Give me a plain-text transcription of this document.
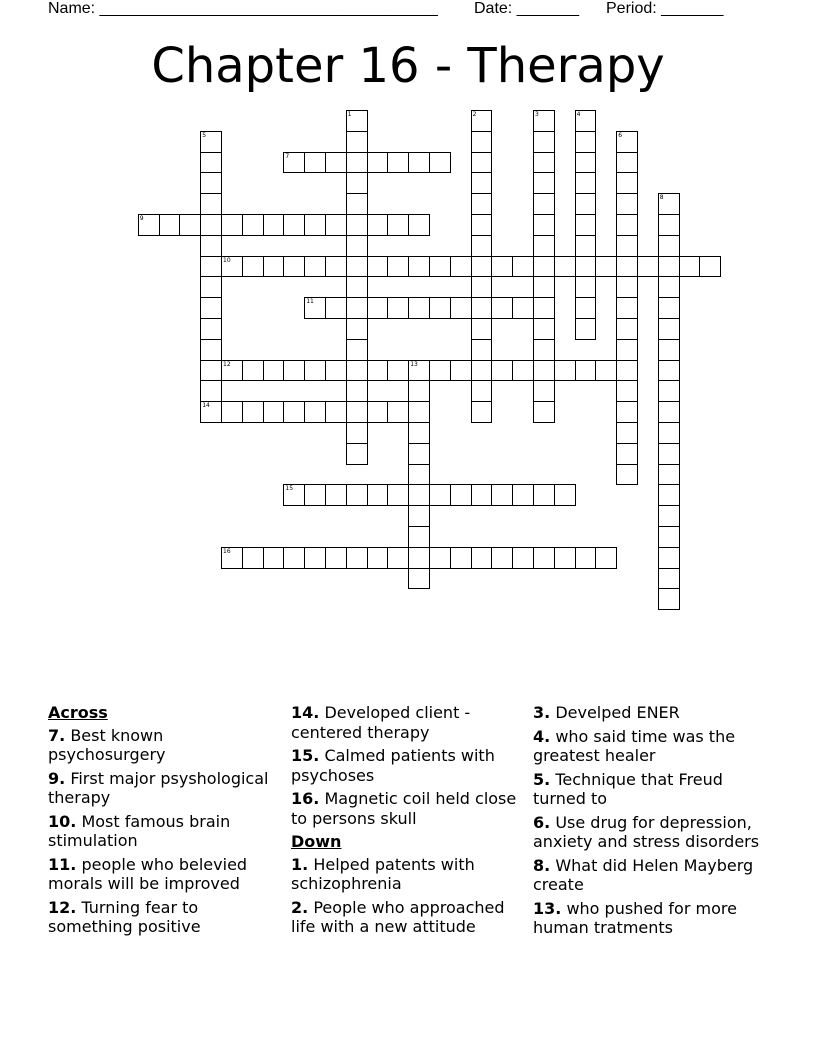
Name: ______________________________________ Date: _______ Period: _______
Chapter 16 - Therapy
1	2	3	4
5
14
6
7
8
9
10
11
12	13
15
16
Across
7. Best known psychosurgery
9. First major psyshological therapy
10. Most famous brain stimulation
11. people who belevied morals will be improved
12. Turning fear to something positive
14. Developed client - centered therapy
15. Calmed patients with psychoses
16. Magnetic coil held close to persons skull
Down
1. Helped patents with schizophrenia
2. People who approached life with a new attitude
3. Develped ENER
4. who said time was the greatest healer
5. Technique that Freud turned to
6. Use drug for depression, anxiety and stress disorders
8. What did Helen Mayberg create
13. who pushed for more human tratments
